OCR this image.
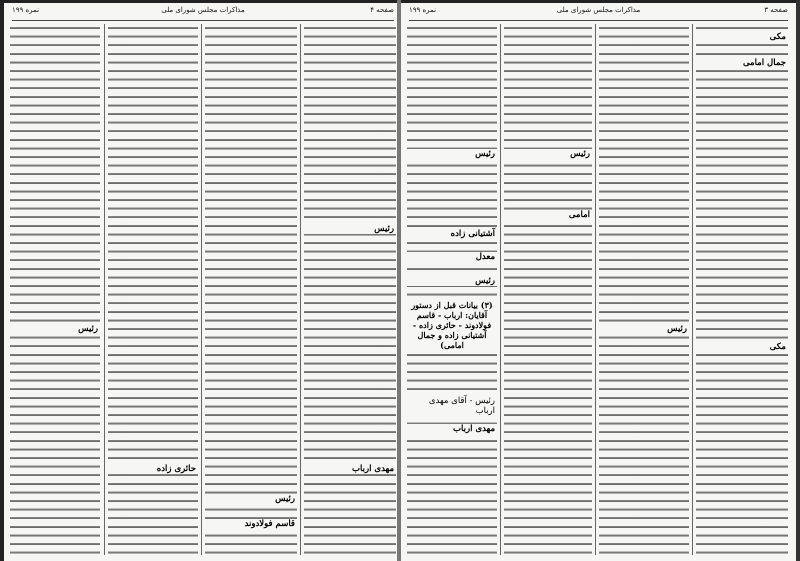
صفحه ۴
مذاکرات مجلس شورای ملی
نمره ۱۹۹
رئیس
حائری زاده
رئیس
قاسم فولادوند
رئیس
مهدی ارباب
صفحه ۳
مذاکرات مجلس شورای ملی
نمره ۱۹۹
رئیس
آشتیانی زاده
معدل
رئیس
(۳) بیانات قبل از دستور آقایان: ارباب - قاسم فولادوند - حائری زاده - آشتیانی زاده و جمال امامی)
رئیس - آقای مهدی ارباب
مهدی ارباب
رئیس
امامی
رئیس
مکی
جمال امامی
مکی
